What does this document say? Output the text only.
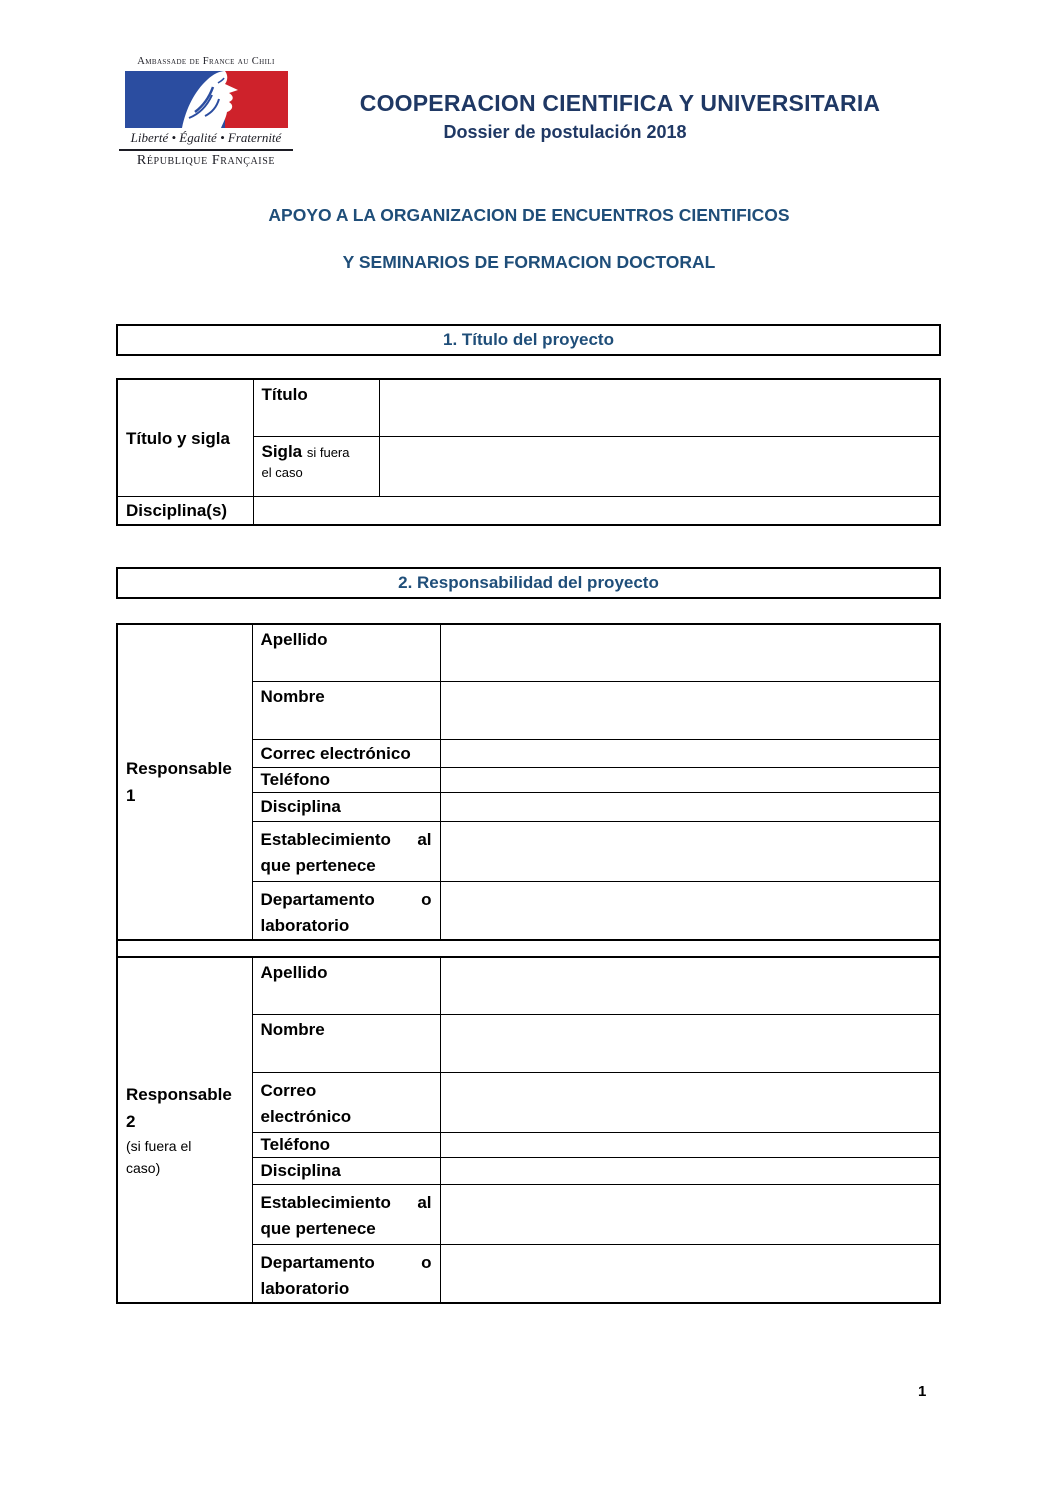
Ambassade de France au Chili
Liberté • Égalité • Fraternité
République Française
COOPERACION CIENTIFICA Y UNIVERSITARIA
Dossier de postulación 2018
APOYO A LA ORGANIZACION DE ENCUENTROS CIENTIFICOS
Y SEMINARIOS DE FORMACION DOCTORAL
1. Título del proyecto
Título y sigla	Título	
	Sigla si fuera
el caso	
Disciplina(s)		
2. Responsabilidad del proyecto
Responsable
1	Apellido	
	Nombre	
	Correc electrónico	
	Teléfono	
	Disciplina	

	Establecimiento al
que pertenece	

	Departamento o
laboratorio	

Responsable
2
(si fuera el
caso)	Apellido	
	Nombre	

	Correo
electrónico	

	Teléfono	
	Disciplina	

	Establecimiento al
que pertenece	

	Departamento o
laboratorio	

1
